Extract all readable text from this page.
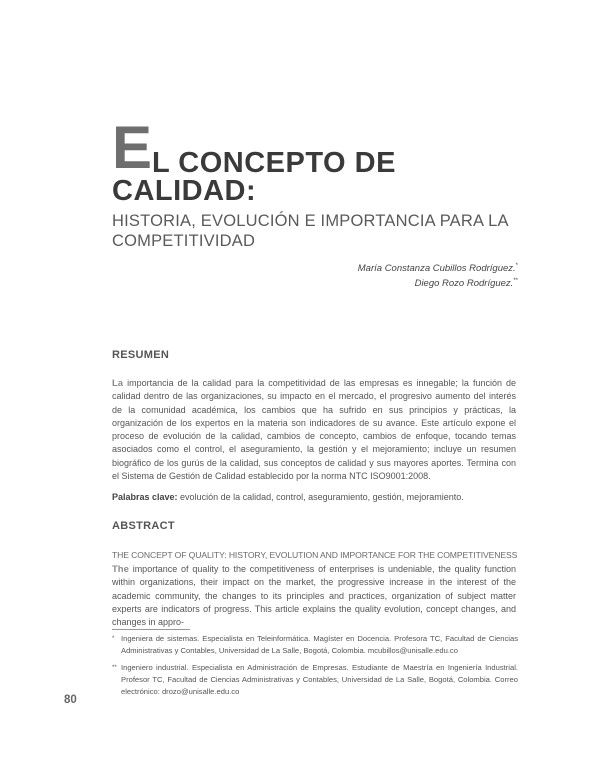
EL CONCEPTO DE
CALIDAD:
HISTORIA, EVOLUCIÓN E IMPORTANCIA PARA LA COMPETITIVIDAD
María Constanza Cubillos Rodríguez.*
Diego Rozo Rodríguez.**
RESUMEN
La importancia de la calidad para la competitividad de las empresas es innegable; la función de calidad dentro de las organizaciones, su impacto en el mercado, el progresivo aumento del interés de la comunidad académica, los cambios que ha sufrido en sus principios y prácticas, la organización de los expertos en la materia son indicadores de su avance. Este artículo expone el proceso de evolución de la calidad, cambios de concepto, cambios de enfoque, tocando temas asociados como el control, el aseguramiento, la gestión y el mejoramiento; incluye un resumen biográfico de los gurús de la calidad, sus conceptos de calidad y sus mayores aportes. Termina con el Sistema de Gestión de Calidad establecido por la norma NTC ISO9001:2008.
Palabras clave: evolución de la calidad, control, aseguramiento, gestión, mejoramiento.
ABSTRACT
THE CONCEPT OF QUALITY: HISTORY, EVOLUTION AND IMPORTANCE FOR THE COMPETITIVENESS
The importance of quality to the competitiveness of enterprises is undeniable, the quality function within organizations, their impact on the market, the progressive increase in the interest of the academic community, the changes to its principles and practices, organization of subject matter experts are indicators of progress. This article explains the quality evolution, concept changes, and changes in appro-
* Ingeniera de sistemas. Especialista en Teleinformática. Magíster en Docencia. Profesora TC, Facultad de Ciencias Administrativas y Contables, Universidad de La Salle, Bogotá, Colombia. mcubillos@unisalle.edu.co
** Ingeniero industrial. Especialista en Administración de Empresas. Estudiante de Maestría en Ingeniería Industrial. Profesor TC, Facultad de Ciencias Administrativas y Contables, Universidad de La Salle, Bogotá, Colombia. Correo electrónico: drozo@unisalle.edu.co
80
